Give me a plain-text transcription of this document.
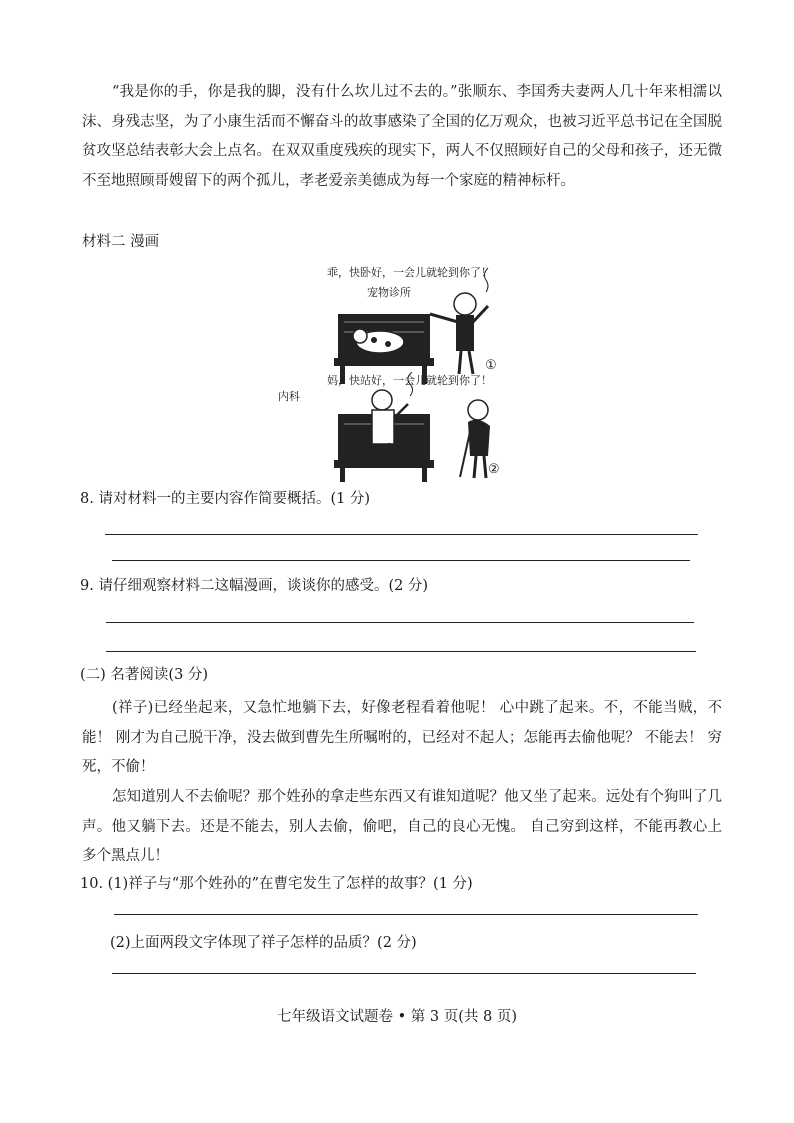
“我是你的手，你是我的脚，没有什么坎儿过不去的。”张顺东、李国秀夫妻两人几十年来相濡以沫、身残志坚，为了小康生活而不懈奋斗的故事感染了全国的亿万观众，也被习近平总书记在全国脱贫攻坚总结表彰大会上点名。在双双重度残疾的现实下，两人不仅照顾好自己的父母和孩子，还无微不至地照顾哥嫂留下的两个孤儿，孝老爱亲美德成为每一个家庭的精神标杆。

材料二 漫画
乖，快卧好，一会儿就轮到你了！
宠物诊所
①
妈，快站好，一会儿就轮到你了！
内科
②
8. 请对材料一的主要内容作简要概括。(1 分)
9. 请仔细观察材料二这幅漫画，谈谈你的感受。(2 分)
(二) 名著阅读(3 分)

(祥子)已经坐起来，又急忙地躺下去，好像老程看着他呢！ 心中跳了起来。不，不能当贼，不能！ 刚才为自己脱干净，没去做到曹先生所嘱咐的，已经对不起人；怎能再去偷他呢？ 不能去！ 穷死，不偷！

怎知道别人不去偷呢？那个姓孙的拿走些东西又有谁知道呢？他又坐了起来。远处有个狗叫了几声。他又躺下去。还是不能去，别人去偷，偷吧，自己的良心无愧。 自己穷到这样，不能再教心上多个黑点儿！

10. (1)祥子与“那个姓孙的”在曹宅发生了怎样的故事？(1 分)
(2)上面两段文字体现了祥子怎样的品质？(2 分)
七年级语文试题卷 • 第 3 页(共 8 页)
